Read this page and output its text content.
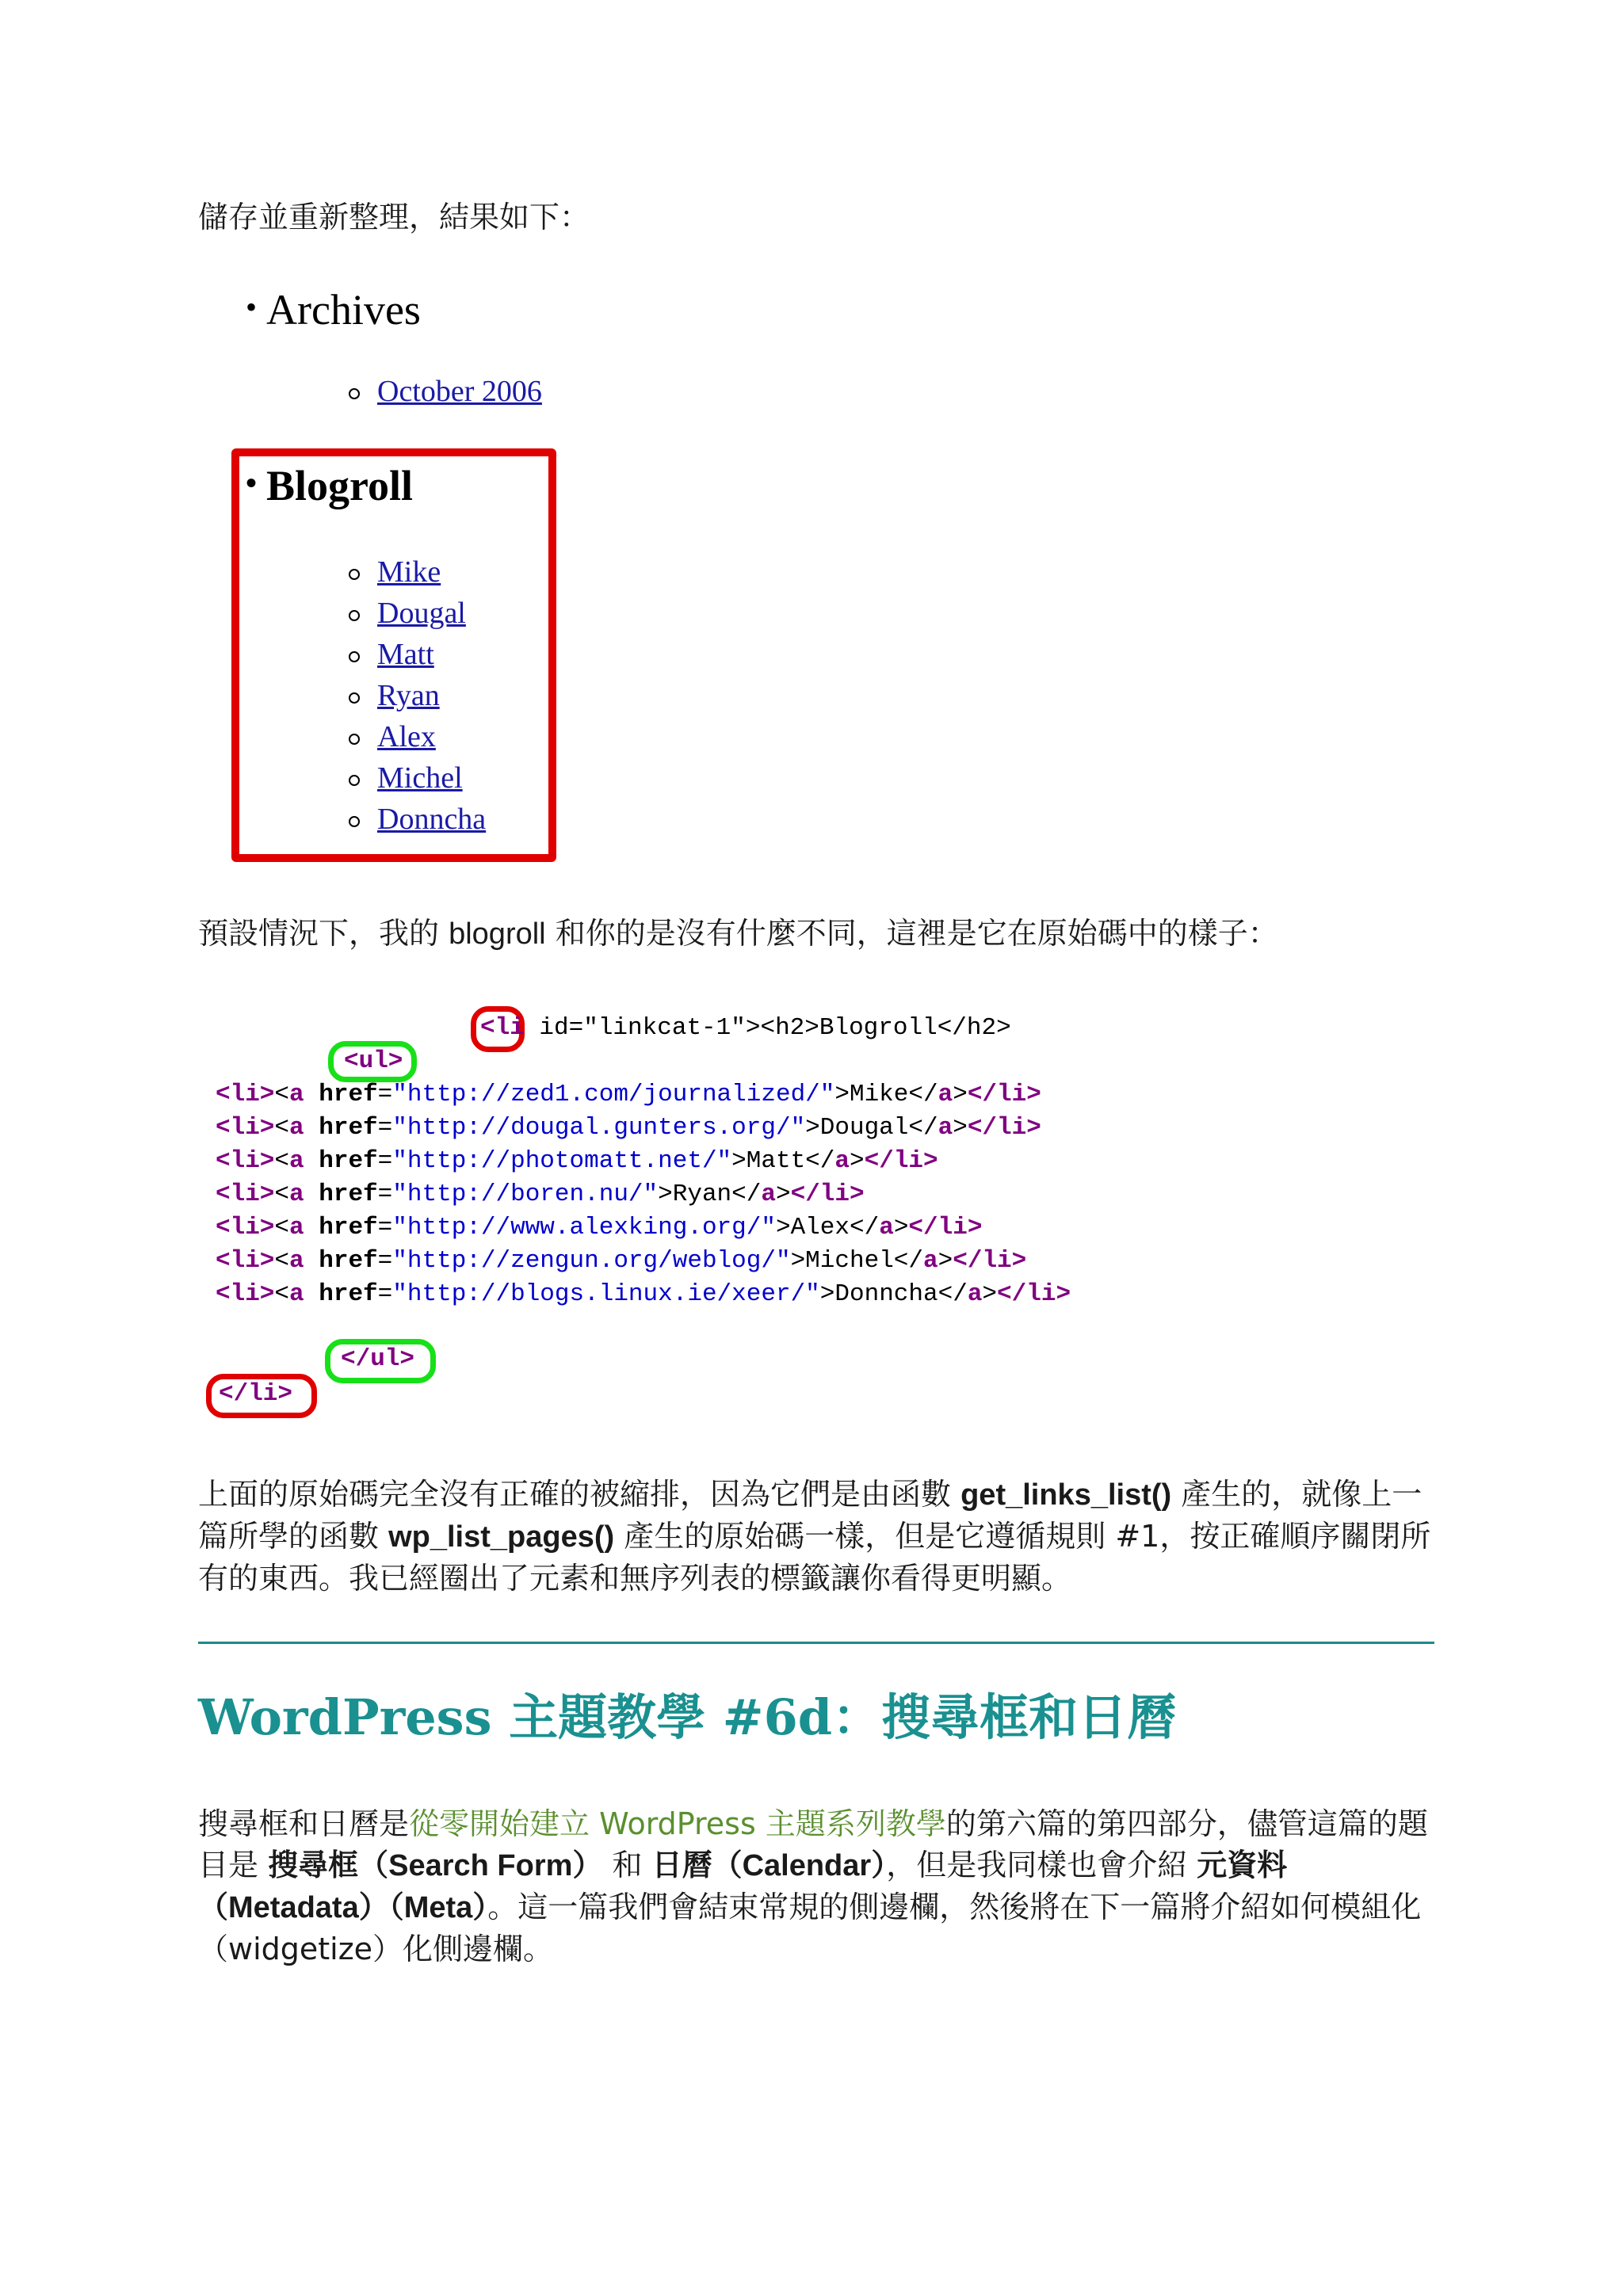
儲存並重新整理，結果如下：

• Archives
October 2006
• Blogroll
Mike
Dougal
Matt
Ryan
Alex
Michel
Donncha

預設情況下，我的 blogroll 和你的是沒有什麼不同，這裡是它在原始碼中的樣子：

<li id="linkcat-1"><h2>Blogroll</h2>
<ul>
<li><a href="http://zed1.com/journalized/">Mike</a></li>
<li><a href="http://dougal.gunters.org/">Dougal</a></li>
<li><a href="http://photomatt.net/">Matt</a></li>
<li><a href="http://boren.nu/">Ryan</a></li>
<li><a href="http://www.alexking.org/">Alex</a></li>
<li><a href="http://zengun.org/weblog/">Michel</a></li>
<li><a href="http://blogs.linux.ie/xeer/">Donncha</a></li>
</ul>
</li>

上面的原始碼完全沒有正確的被縮排，因為它們是由函數 get_links_list() 產生的，就像上一篇所學的函數 wp_list_pages() 產生的原始碼一樣，但是它遵循規則 #1，按正確順序關閉所有的東西。我已經圈出了元素和無序列表的標籤讓你看得更明顯。

WordPress 主題教學 #6d：搜尋框和日曆

搜尋框和日曆是從零開始建立 WordPress 主題系列教學的第六篇的第四部分，儘管這篇的題目是 搜尋框（Search Form） 和 日曆（Calendar），但是我同樣也會介紹 元資料（Metadata）（Meta）。這一篇我們會結束常規的側邊欄，然後將在下一篇將介紹如何模組化（widgetize）化側邊欄。
